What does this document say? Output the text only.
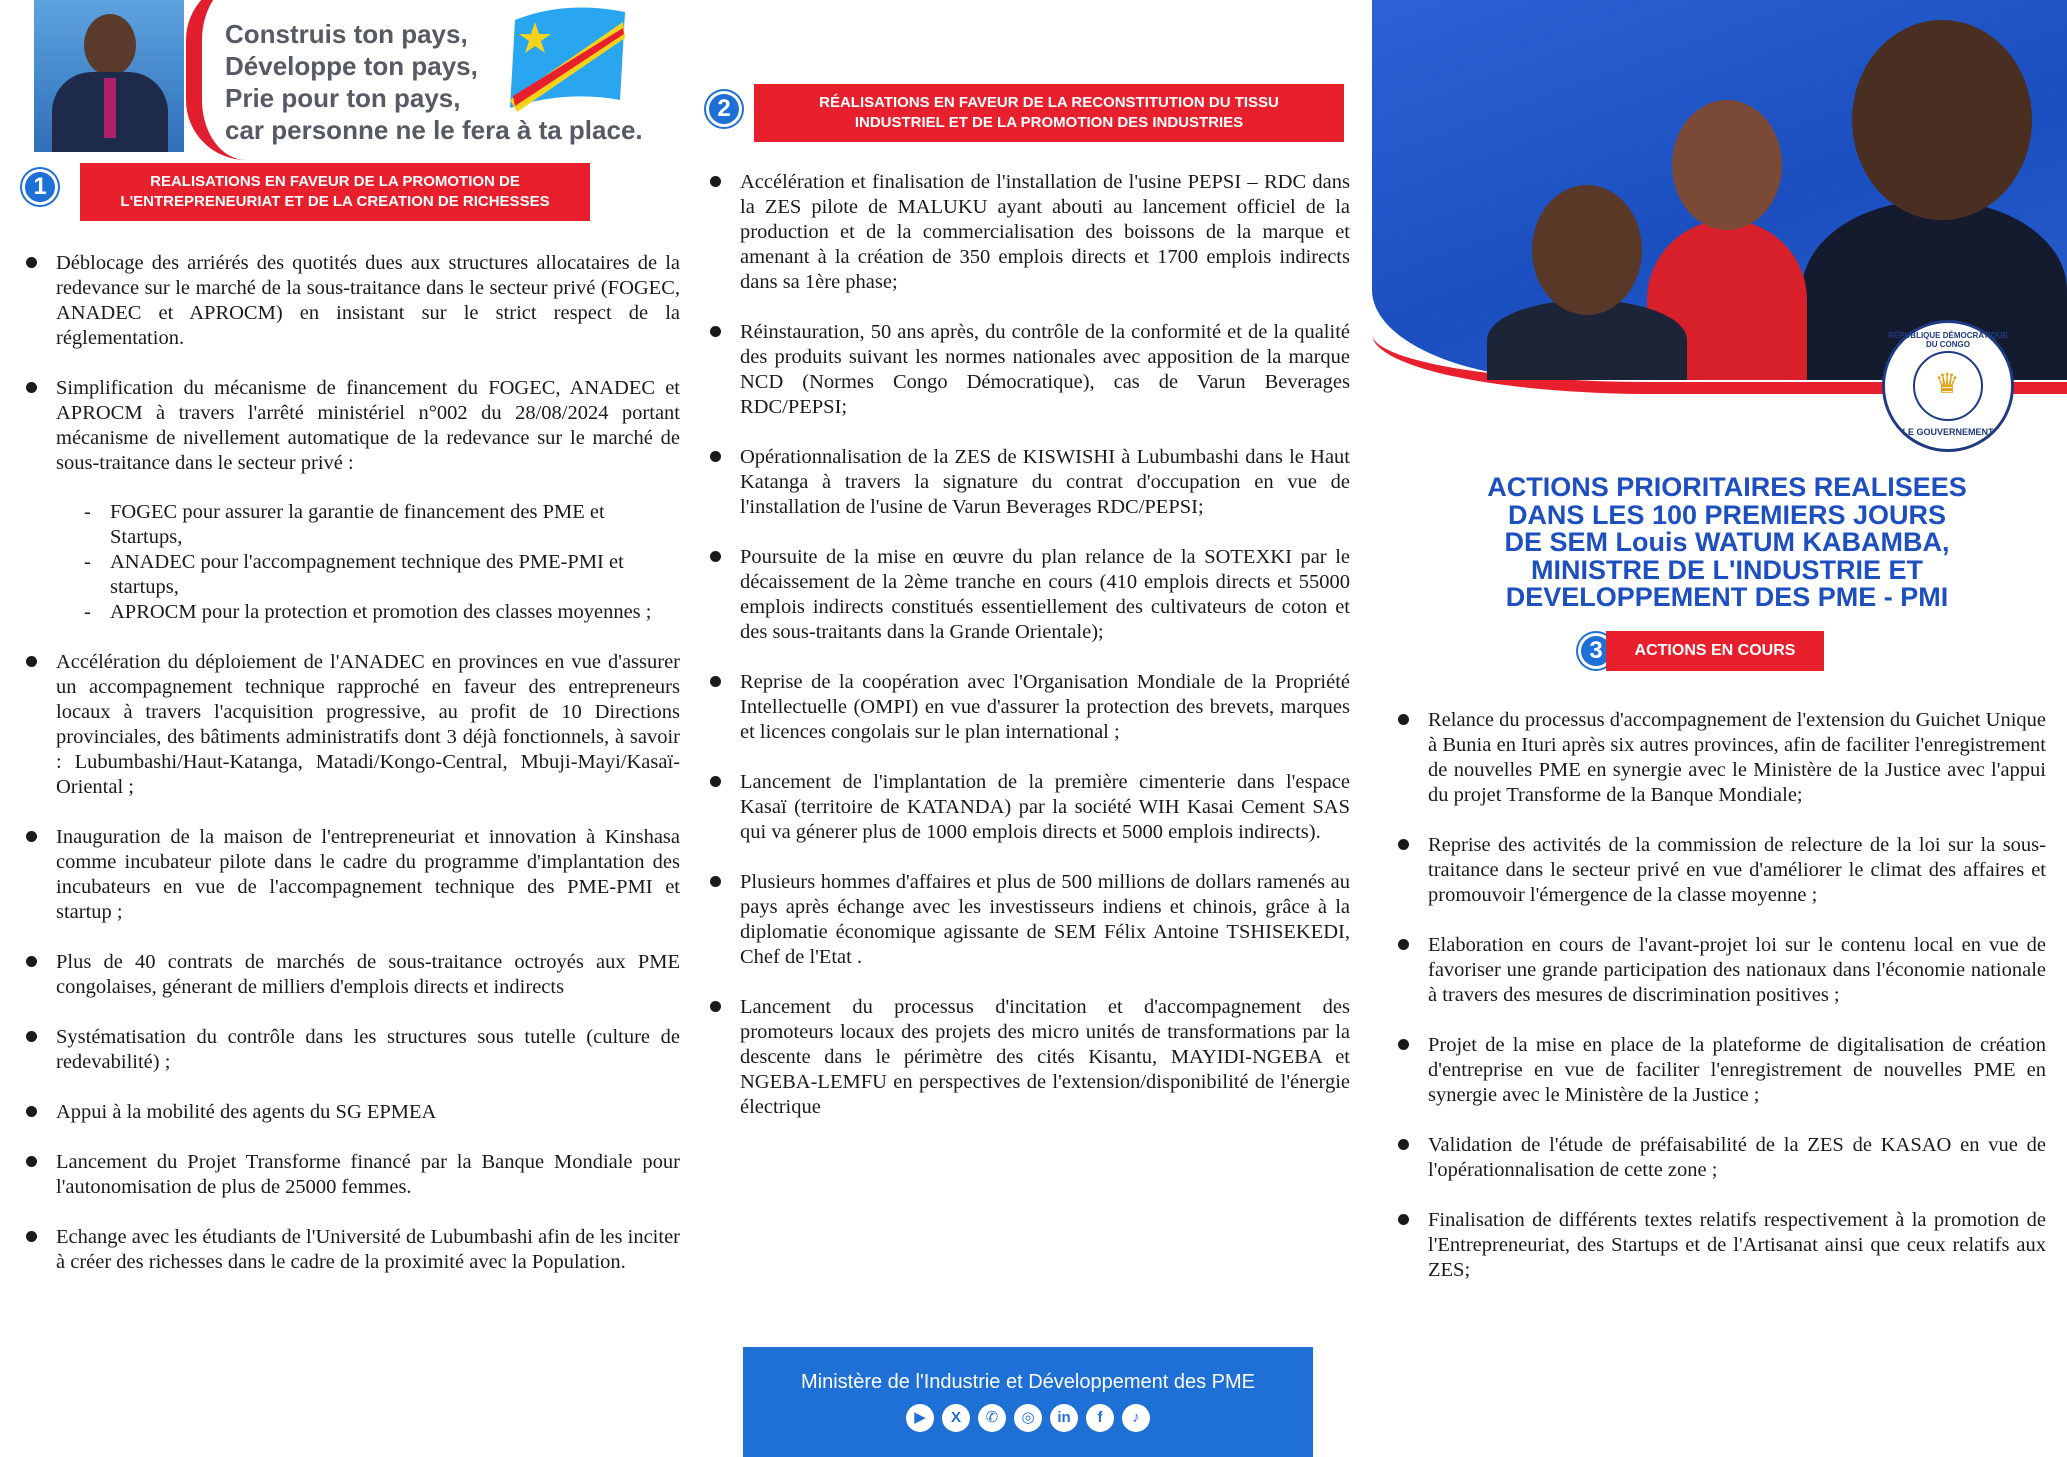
Construis ton pays,
Développe ton pays,
Prie pour ton pays,
car personne ne le fera à ta place.
1	REALISATIONS EN FAVEUR DE LA PROMOTION DE
L'ENTREPRENEURIAT ET DE LA CREATION DE RICHESSES
Déblocage des arriérés des quotités dues aux structures allocataires de la redevance sur le marché de la sous-traitance dans le secteur privé (FOGEC, ANADEC et APROCM) en insistant sur le strict respect de la réglementation.
Simplification du mécanisme de financement du FOGEC, ANADEC et APROCM à travers l'arrêté ministériel n°002 du 28/08/2024 portant mécanisme de nivellement automatique de la redevance sur le marché de sous-traitance dans le secteur privé :
- FOGEC pour assurer la garantie de financement des PME et Startups,
- ANADEC pour l'accompagnement technique des PME-PMI et startups,
- APROCM pour la protection et promotion des classes moyennes ;
Accélération du déploiement de l'ANADEC en provinces en vue d'assurer un accompagnement technique rapproché en faveur des entrepreneurs locaux à travers l'acquisition progressive, au profit de 10 Directions provinciales, des bâtiments administratifs dont 3 déjà fonctionnels, à savoir : Lubumbashi/Haut-Katanga, Matadi/Kongo-Central, Mbuji-Mayi/Kasaï-Oriental ;
Inauguration de la maison de l'entrepreneuriat et innovation à Kinshasa comme incubateur pilote dans le cadre du programme d'implantation des incubateurs en vue de l'accompagnement technique des PME-PMI et startup ;
Plus de 40 contrats de marchés de sous-traitance octroyés aux PME congolaises, génerant de milliers d'emplois directs et indirects
Systématisation du contrôle dans les structures sous tutelle (culture de redevabilité) ;
Appui à la mobilité des agents du SG EPMEA
Lancement du Projet Transforme financé par la Banque Mondiale pour l'autonomisation de plus de 25000 femmes.
Echange avec les étudiants de l'Université de Lubumbashi afin de les inciter à créer des richesses dans le cadre de la proximité avec la Population.
2	RÉALISATIONS EN FAVEUR DE LA RECONSTITUTION DU TISSU
INDUSTRIEL ET DE LA PROMOTION DES INDUSTRIES
Accélération et finalisation de l'installation de l'usine PEPSI – RDC dans la ZES pilote de MALUKU ayant abouti au lancement officiel de la production et de la commercialisation des boissons de la marque et amenant à la création de 350 emplois directs et 1700 emplois indirects dans sa 1ère phase;
Réinstauration, 50 ans après, du contrôle de la conformité et de la qualité des produits suivant les normes nationales avec apposition de la marque NCD (Normes Congo Démocratique), cas de Varun Beverages RDC/PEPSI;
Opérationnalisation de la ZES de KISWISHI à Lubumbashi dans le Haut Katanga à travers la signature du contrat d'occupation en vue de l'installation de l'usine de Varun Beverages RDC/PEPSI;
Poursuite de la mise en œuvre du plan relance de la SOTEXKI par le décaissement de la 2ème tranche en cours (410 emplois directs et 55000 emplois indirects constitués essentiellement des cultivateurs de coton et des sous-traitants dans la Grande Orientale);
Reprise de la coopération avec l'Organisation Mondiale de la Propriété Intellectuelle (OMPI) en vue d'assurer la protection des brevets, marques et licences congolais sur le plan international ;
Lancement de l'implantation de la première cimenterie dans l'espace Kasaï (territoire de KATANDA) par la société WIH Kasai Cement SAS qui va génerer plus de 1000 emplois directs et 5000 emplois indirects).
Plusieurs hommes d'affaires et plus de 500 millions de dollars ramenés au pays après échange avec les investisseurs indiens et chinois, grâce à la diplomatie économique agissante de SEM Félix Antoine TSHISEKEDI, Chef de l'Etat .
Lancement du processus d'incitation et d'accompagnement des promoteurs locaux des projets des micro unités de transformations par la descente dans le périmètre des cités Kisantu, MAYIDI-NGEBA et NGEBA-LEMFU en perspectives de l'extension/disponibilité de l'énergie électrique
Ministère de l'Industrie et Développement des PME
▶	X	✆	◎	in	f	♪
RÉPUBLIQUE DÉMOCRATIQUE DU CONGO
♛
LE GOUVERNEMENT
ACTIONS PRIORITAIRES REALISEES
DANS LES 100 PREMIERS JOURS
DE SEM Louis WATUM KABAMBA,
MINISTRE DE L'INDUSTRIE ET
DEVELOPPEMENT DES PME - PMI
3	ACTIONS EN COURS
Relance du processus d'accompagnement de l'extension du Guichet Unique à Bunia en Ituri après six autres provinces, afin de faciliter l'enregistrement de nouvelles PME en synergie avec le Ministère de la Justice avec l'appui du projet Transforme de la Banque Mondiale;
Reprise des activités de la commission de relecture de la loi sur la sous-traitance dans le secteur privé en vue d'améliorer le climat des affaires et promouvoir l'émergence de la classe moyenne ;
Elaboration en cours de l'avant-projet loi sur le contenu local en vue de favoriser une grande participation des nationaux dans l'économie nationale à travers des mesures de discrimination positives ;
Projet de la mise en place de la plateforme de digitalisation de création d'entreprise en vue de faciliter l'enregistrement de nouvelles PME en synergie avec le Ministère de la Justice ;
Validation de l'étude de préfaisabilité de la ZES de KASAO en vue de l'opérationnalisation de cette zone ;
Finalisation de différents textes relatifs respectivement à la promotion de l'Entrepreneuriat, des Startups et de l'Artisanat ainsi que ceux relatifs aux ZES;
